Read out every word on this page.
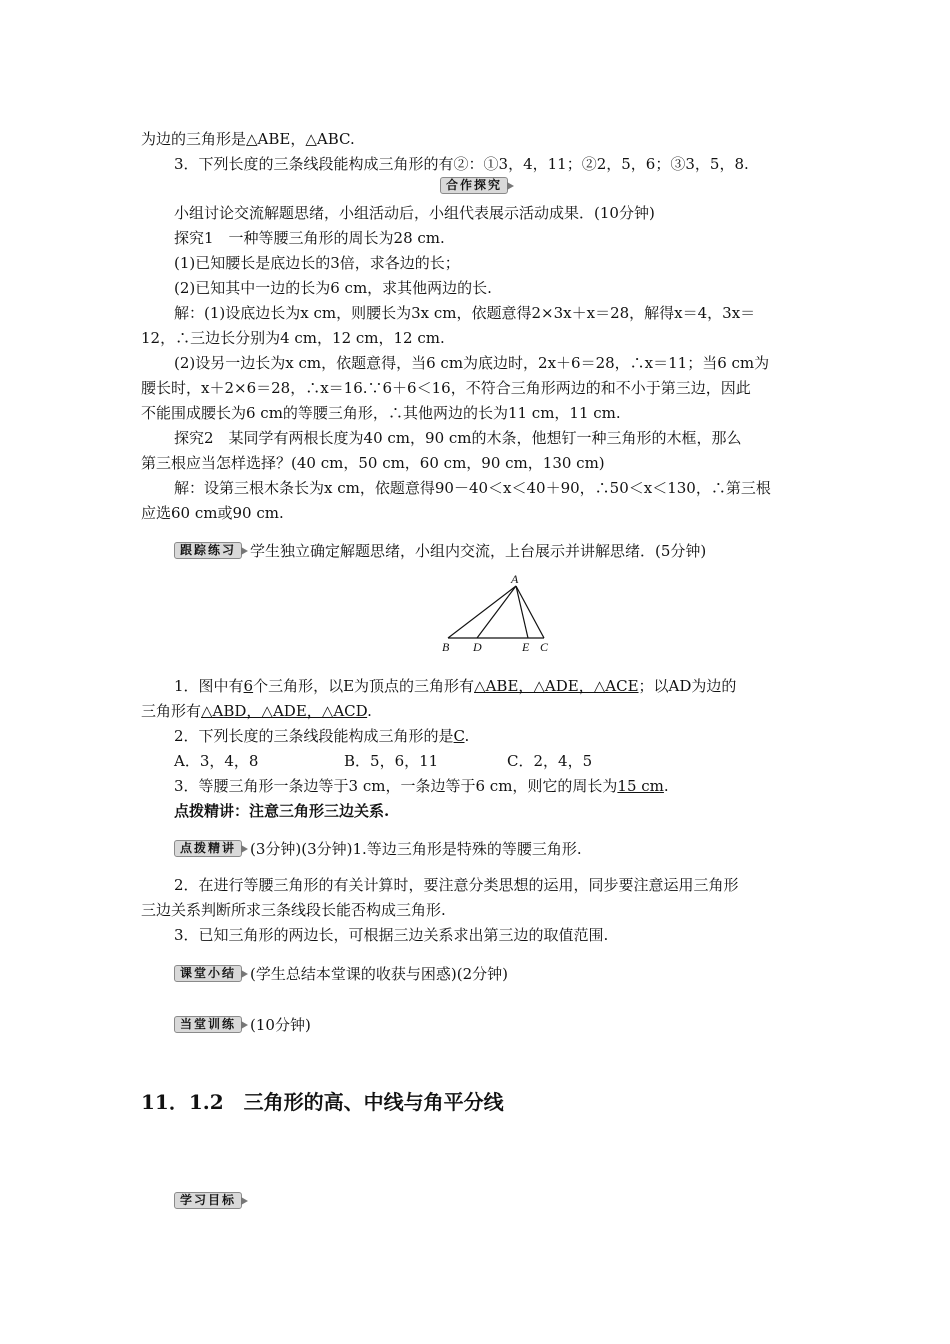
为边的三角形是△ABE，△ABC.
3．下列长度的三条线段能构成三角形的有②：①3，4，11；②2，5，6；③3，5，8.
合作探究
小组讨论交流解题思绪，小组活动后，小组代表展示活动成果．(10分钟)
探究1　一种等腰三角形的周长为28 cm.
(1)已知腰长是底边长的3倍，求各边的长；
(2)已知其中一边的长为6 cm，求其他两边的长.
解：(1)设底边长为x cm，则腰长为3x cm，依题意得2×3x＋x＝28，解得x＝4，3x＝
12，∴三边长分别为4 cm，12 cm，12 cm.
(2)设另一边长为x cm，依题意得，当6 cm为底边时，2x＋6＝28，∴x＝11；当6 cm为
腰长时，x＋2×6＝28，∴x＝16.∵6＋6＜16，不符合三角形两边的和不小于第三边，因此
不能围成腰长为6 cm的等腰三角形，∴其他两边的长为11 cm，11 cm.
探究2　某同学有两根长度为40 cm，90 cm的木条，他想钉一种三角形的木框，那么
第三根应当怎样选择？(40 cm，50 cm，60 cm，90 cm，130 cm)
解：设第三根木条长为x cm，依题意得90－40＜x＜40＋90，∴50＜x＜130，∴第三根
应选60 cm或90 cm.
跟踪练习 学生独立确定解题思绪，小组内交流，上台展示并讲解思绪．(5分钟)
A
B D	E C
1．图中有6个三角形，以E为顶点的三角形有△ABE，△ADE，△ACE；以AD为边的
三角形有△ABD，△ADE，△ACD.
2．下列长度的三条线段能构成三角形的是C.
A．3，4，8	B．5，6，11	C．2，4，5
3．等腰三角形一条边等于3 cm，一条边等于6 cm，则它的周长为15 cm.
点拨精讲：注意三角形三边关系.
点拨精讲 (3分钟)(3分钟)1.等边三角形是特殊的等腰三角形.
2．在进行等腰三角形的有关计算时，要注意分类思想的运用，同步要注意运用三角形
三边关系判断所求三条线段长能否构成三角形.
3．已知三角形的两边长，可根据三边关系求出第三边的取值范围.
课堂小结 (学生总结本堂课的收获与困惑)(2分钟)
当堂训练 (10分钟)
11．1.2　三角形的高、中线与角平分线
学习目标
